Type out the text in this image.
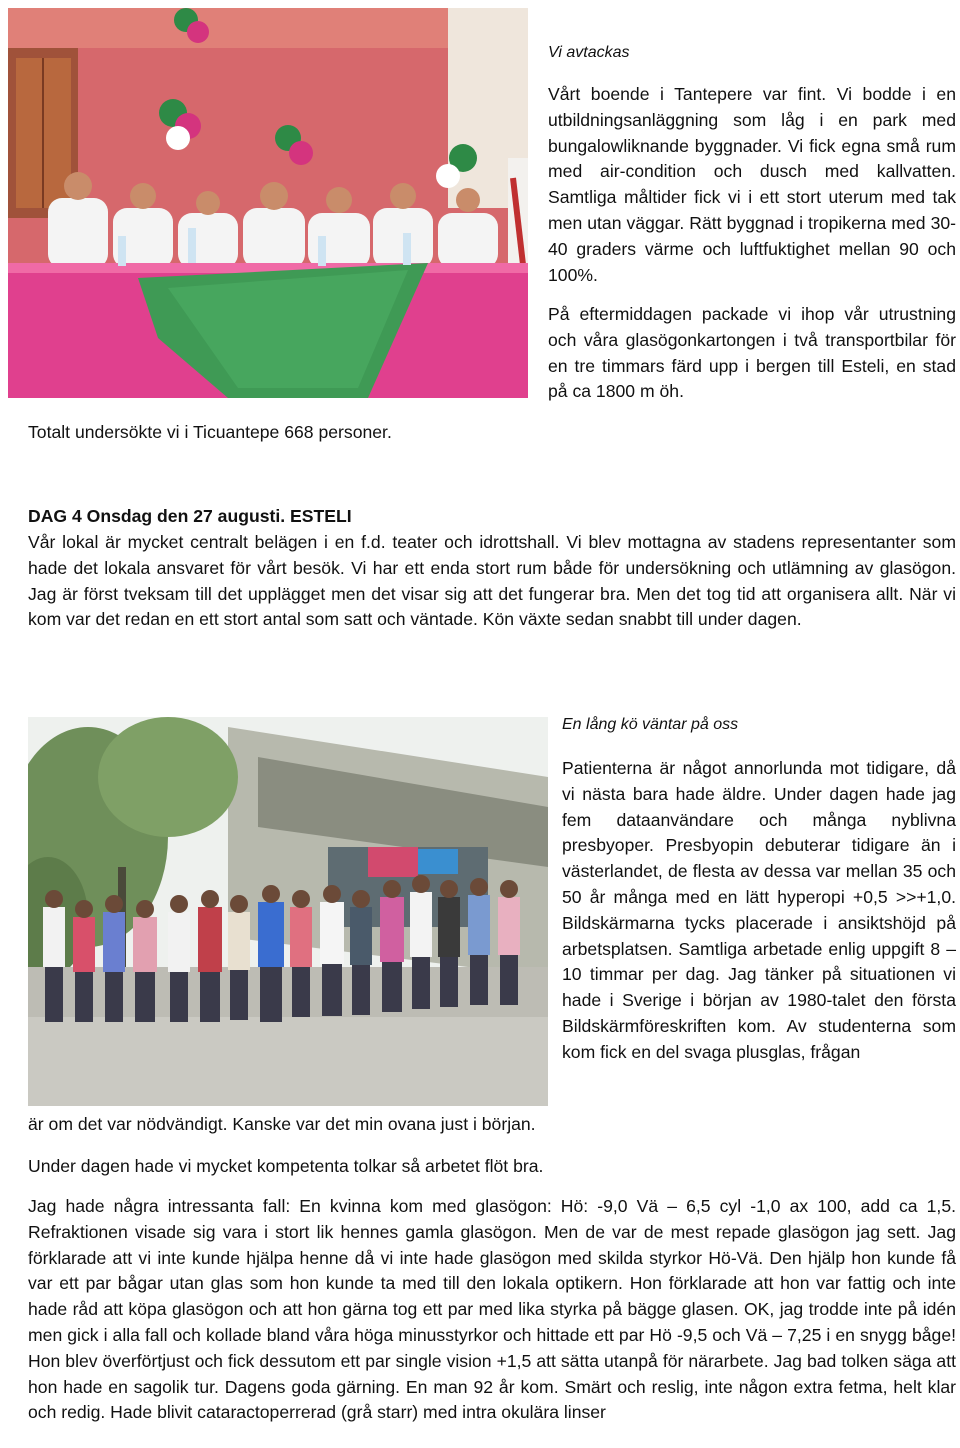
Vi avtackas

Vårt boende i Tantepere var fint. Vi bodde i en utbildningsanläggning som låg i en park med bungalowliknande byggnader. Vi fick egna små rum med air-condition och dusch med kallvatten. Samtliga måltider fick vi i ett stort uterum med tak men utan väggar. Rätt byggnad i tropikerna med 30-40 graders värme och luftfuktighet mellan 90 och 100%.

På eftermiddagen packade vi ihop vår utrustning och våra glasögonkartongen i två transportbilar för en tre timmars färd upp i bergen till Esteli, en stad på ca 1800 m öh.

Totalt undersökte vi i Ticuantepe 668 personer.

DAG 4 Onsdag den 27 augusti. ESTELI

Vår lokal är mycket centralt belägen i en f.d. teater och idrottshall. Vi blev mottagna av stadens representanter som hade det lokala ansvaret för vårt besök. Vi har ett enda stort rum både för undersökning och utlämning av glasögon. Jag är först tveksam till det upplägget men det visar sig att det fungerar bra. Men det tog tid att organisera allt. När vi kom var det redan en ett stort antal som satt och väntade. Kön växte sedan snabbt till under dagen.

En lång kö väntar på oss

Patienterna är något annorlunda mot tidigare, då vi nästa bara hade äldre. Under dagen hade jag fem dataanvändare och många nyblivna presbyoper. Presbyopin debuterar tidigare än i västerlandet, de flesta av dessa var mellan 35 och 50 år många med en lätt hyperopi +0,5 >>+1,0. Bildskärmarna tycks placerade i ansiktshöjd på arbetsplatsen. Samtliga arbetade enlig uppgift 8 – 10 timmar per dag. Jag tänker på situationen vi hade i Sverige i början av 1980-talet den första Bildskärmföreskriften kom. Av studenterna som kom fick en del svaga plusglas, frågan

är om det var nödvändigt. Kanske var det min ovana just i början.

Under dagen hade vi mycket kompetenta tolkar så arbetet flöt bra.

Jag hade några intressanta fall: En kvinna kom med glasögon: Hö: -9,0 Vä – 6,5 cyl -1,0 ax 100, add ca 1,5. Refraktionen visade sig vara i stort lik hennes gamla glasögon. Men de var de mest repade glasögon jag sett. Jag förklarade att vi inte kunde hjälpa henne då vi inte hade glasögon med skilda styrkor Hö-Vä. Den hjälp hon kunde få var ett par bågar utan glas som hon kunde ta med till den lokala optikern. Hon förklarade att hon var fattig och inte hade råd att köpa glasögon och att hon gärna tog ett par med lika styrka på bägge glasen. OK, jag trodde inte på idén men gick i alla fall och kollade bland våra höga minusstyrkor och hittade ett par Hö -9,5 och Vä – 7,25 i en snygg båge! Hon blev överförtjust och fick dessutom ett par single vision +1,5 att sätta utanpå för närarbete. Jag bad tolken säga att hon hade en sagolik tur. Dagens goda gärning. En man 92 år kom. Smärt och reslig, inte någon extra fetma, helt klar och redig. Hade blivit cataractoperrerad (grå starr) med intra okulära linser
